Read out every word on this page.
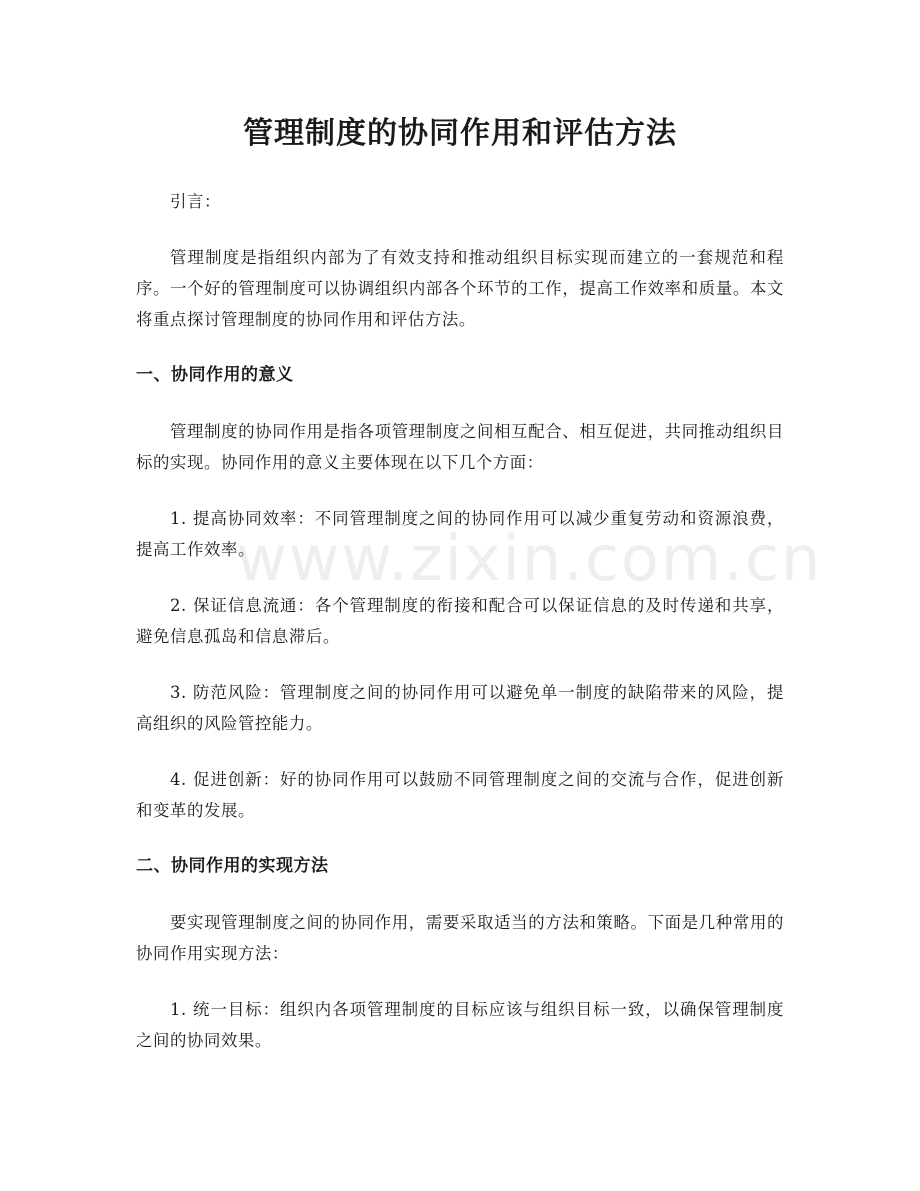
www.zixin.com.cn
管理制度的协同作用和评估方法

引言：

管理制度是指组织内部为了有效支持和推动组织目标实现而建立的一套规范和程序。一个好的管理制度可以协调组织内部各个环节的工作，提高工作效率和质量。本文将重点探讨管理制度的协同作用和评估方法。

一、协同作用的意义

管理制度的协同作用是指各项管理制度之间相互配合、相互促进，共同推动组织目标的实现。协同作用的意义主要体现在以下几个方面：

1. 提高协同效率：不同管理制度之间的协同作用可以减少重复劳动和资源浪费，提高工作效率。

2. 保证信息流通：各个管理制度的衔接和配合可以保证信息的及时传递和共享，避免信息孤岛和信息滞后。

3. 防范风险：管理制度之间的协同作用可以避免单一制度的缺陷带来的风险，提高组织的风险管控能力。

4. 促进创新：好的协同作用可以鼓励不同管理制度之间的交流与合作，促进创新和变革的发展。

二、协同作用的实现方法

要实现管理制度之间的协同作用，需要采取适当的方法和策略。下面是几种常用的协同作用实现方法：

1. 统一目标：组织内各项管理制度的目标应该与组织目标一致，以确保管理制度之间的协同效果。
